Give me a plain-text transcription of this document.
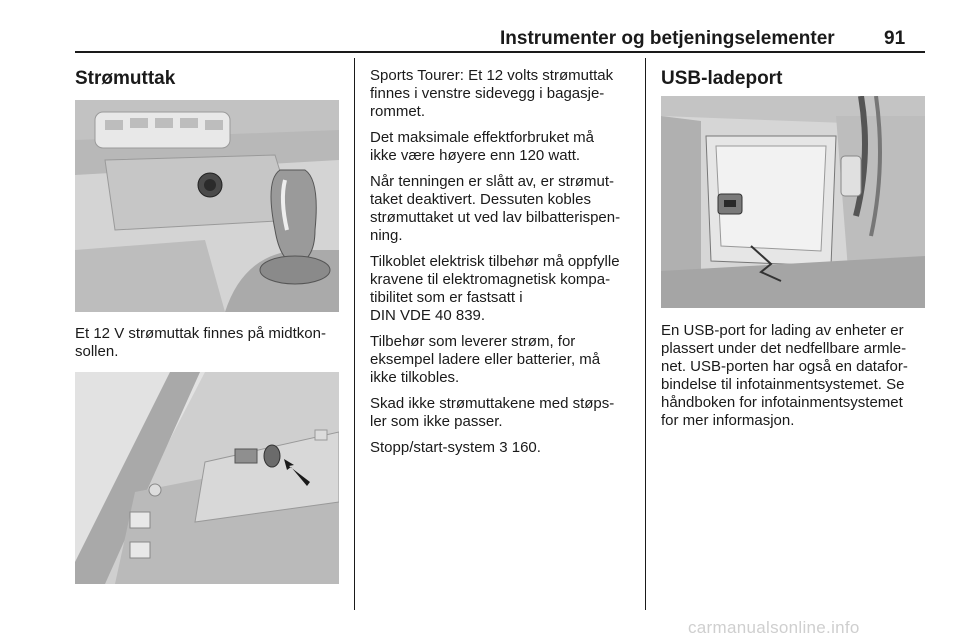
Instrumenter og betjeningselementer	91
Strømuttak
Et 12 V strømuttak finnes på midtkon-
sollen.

Sports Tourer: Et 12 volts strømuttak
finnes i venstre sidevegg i bagasje-
rommet.

Det maksimale effektforbruket må
ikke være høyere enn 120 watt.

Når tenningen er slått av, er strømut-
taket deaktivert. Dessuten kobles
strømuttaket ut ved lav bilbatterispen-
ning.

Tilkoblet elektrisk tilbehør må oppfylle
kravene til elektromagnetisk kompa-
tibilitet som er fastsatt i
DIN VDE 40 839.

Tilbehør som leverer strøm, for
eksempel ladere eller batterier, må
ikke tilkobles.

Skad ikke strømuttakene med støps-
ler som ikke passer.

Stopp/start-system 3 160.

USB-ladeport
En USB-port for lading av enheter er
plassert under det nedfellbare armle-
net. USB-porten har også en datafor-
bindelse til infotainmentsystemet. Se
håndboken for infotainmentsystemet
for mer informasjon.
carmanualsonline.info
